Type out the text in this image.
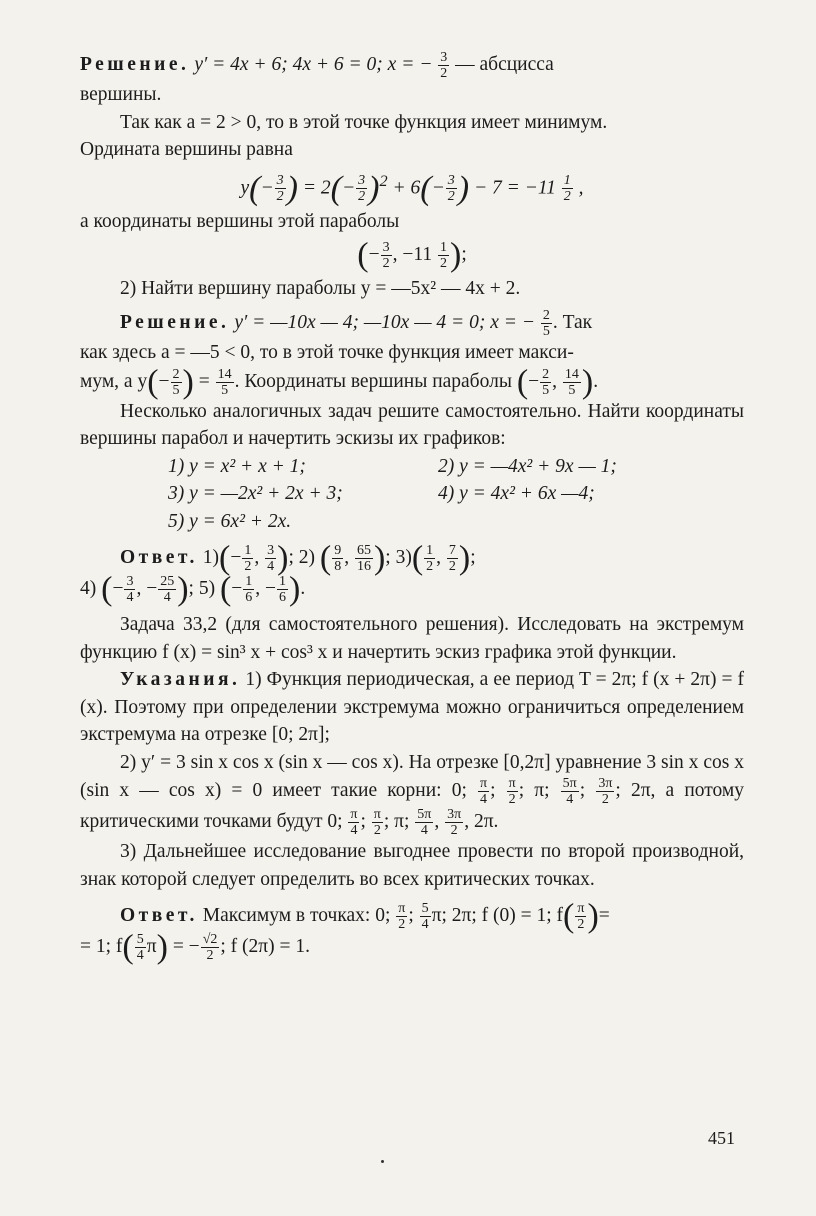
Решение. y′ = 4x + 6; 4x + 6 = 0; x = − $\frac{3}{2}$ — абсцисса

вершины.

Так как a = 2 > 0, то в этой точке функция имеет минимум.

Ордината вершины равна

$y(- \frac{3}{2}$ ) = $2(- \frac{3}{2} )^2 + 6(- \frac{3}{2}$ ) − $7 = -11 \frac{1}{2}$ ,

а координаты вершины этой параболы

(− $\frac{3}{2}$ , $-11 \frac{1}{2}$ );

2) Найти вершину параболы y = —5x² — 4x + 2.

Решение. y′ = —10x — 4; —10x — 4 = 0; x = − $\frac{2}{5}$ . Так

как здесь a = —5 < 0, то в этой точке функция имеет макси-

мум, а $y(- \frac{2}{5}$ ) = $\frac{14}{5}$ . Координаты вершины параболы (− $\frac{2}{5}$ , $\frac{14}{5}$ ).

Несколько аналогичных задач решите самостоятельно. Найти координаты вершины парабол и начертить эскизы их графиков:

1) y = x² + x + 1;	2) y = —4x² + 9x — 1;
3) y = —2x² + 2x + 3;	4) y = 4x² + 6x —4;
5) y = 6x² + 2x.

Ответ. $1)(- \frac{1}{2}$ , $\frac{3}{4}$ ); 2) ( $\frac{9}{8}$ , $\frac{65}{16}$ ); $3)( \frac{1}{2}$ , $\frac{7}{2}$ );

4) (− $\frac{3}{4}$ , − $\frac{25}{4}$ ); 5) (− $\frac{1}{6}$ , − $\frac{1}{6}$ ).

Задача 33,2 (для самостоятельного решения). Исследовать на экстремум функцию f (x) = sin³ x + cos³ x и начертить эскиз графика этой функции.

Указания. 1) Функция периодическая, а ее период T = 2π; f (x + 2π) = f (x). Поэтому при определении экстремума можно ограничиться определением экстремума на отрезке [0; 2π];

2) y′ = 3 sin x cos x (sin x — cos x). На отрезке [0,2π] уравнение 3 sin x cos x (sin x — cos x) = 0 имеет такие корни: 0; $\frac{\pi}{4}$ ; $\frac{\pi}{2}$ ; π; $\frac{5\pi}{4}$ ; $\frac{3\pi}{2}$ ; 2π, а потому критическими точками будут 0; $\frac{\pi}{4}$ ; $\frac{\pi}{2}$ ; π; $\frac{5\pi}{4}$ , $\frac{3\pi}{2}$ , 2π.

3) Дальнейшее исследование выгоднее провести по второй производной, знак которой следует определить во всех критических точках.

Ответ. Максимум в точках: 0; $\frac{\pi}{2}$ ; $\frac{5}{4} \pi$; 2π; f (0) = 1; $f( \frac{\pi}{2}$ )=

= 1; $f( \frac{5}{4} \pi)$ = − $\frac{√2}{2}$ ; f (2π) = 1.

451
